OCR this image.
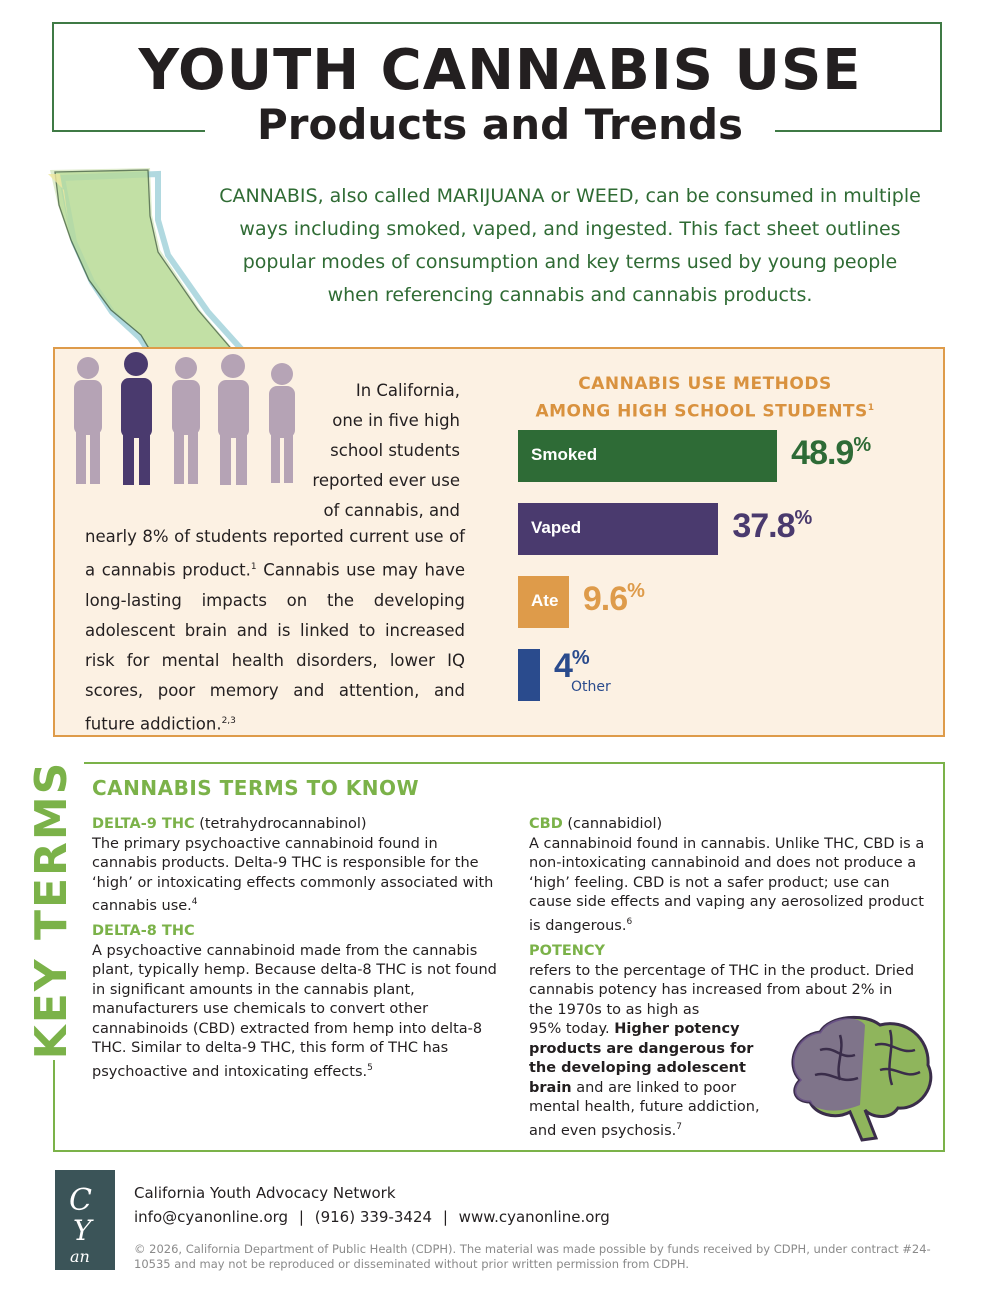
YOUTH CANNABIS USE
Products and Trends
CANNABIS, also called MARIJUANA or WEED, can be consumed in multiple
ways including smoked, vaped, and ingested. This fact sheet outlines
popular modes of consumption and key terms used by young people
when referencing cannabis and cannabis products.
In California,
one in five high
school students
reported ever use
of cannabis, and
nearly 8% of students reported current use of a cannabis product.$^1$ Cannabis use may have long-lasting impacts on the developing adolescent brain and is linked to increased risk for mental health disorders, lower IQ scores, poor memory and attention, and future addiction.$^{2,3}$
CANNABIS USE METHODS
AMONG HIGH SCHOOL STUDENTS$^1$
Smoked	48.9%
Vaped	37.8%
Ate 9.6%
4%
Other
KEY TERMS CANNABIS TERMS TO KNOW
DELTA-9 THC (tetrahydrocannabinol)
The primary psychoactive cannabinoid found in cannabis products. Delta-9 THC is responsible for the ‘high’ or intoxicating effects commonly associated with cannabis use.$^4$
DELTA-8 THC
A psychoactive cannabinoid made from the cannabis plant, typically hemp. Because delta-8 THC is not found in significant amounts in the cannabis plant, manufacturers use chemicals to convert other cannabinoids (CBD) extracted from hemp into delta-8 THC. Similar to delta-9 THC, this form of THC has psychoactive and intoxicating effects.$^5$
CBD (cannabidiol)
A cannabinoid found in cannabis. Unlike THC, CBD is a non-intoxicating cannabinoid and does not produce a ‘high’ feeling. CBD is not a safer product; use can cause side effects and vaping any aerosolized product is dangerous.$^6$
POTENCY
refers to the percentage of THC in the product. Dried cannabis potency has increased from about 2% in the 1970s to as high as
95% today. Higher potency products are dangerous for the developing adolescent brain and are linked to poor mental health, future addiction, and even psychosis.$^7$
C
Y
an
California Youth Advocacy Network
info@cyanonline.org | (916) 339-3424 | www.cyanonline.org
© 2026, California Department of Public Health (CDPH). The material was made possible by funds received by CDPH, under contract #24-10535 and may not be reproduced or disseminated without prior written permission from CDPH.
